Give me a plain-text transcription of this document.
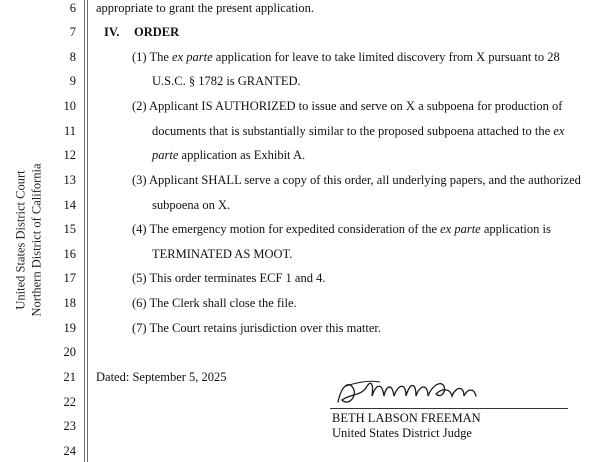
United States District Court Northern District of California
6
7
8
9
10
11
12
13
14
15
16
17
18
19
20
21
22
23
24
appropriate to grant the present application.
IV. ORDER
(1) The ex parte application for leave to take limited discovery from X pursuant to 28
U.S.C. § 1782 is GRANTED.
(2) Applicant IS AUTHORIZED to issue and serve on X a subpoena for production of
documents that is substantially similar to the proposed subpoena attached to the ex
parte application as Exhibit A.
(3) Applicant SHALL serve a copy of this order, all underlying papers, and the authorized
subpoena on X.
(4) The emergency motion for expedited consideration of the ex parte application is
TERMINATED AS MOOT.
(5) This order terminates ECF 1 and 4.
(6) The Clerk shall close the file.
(7) The Court retains jurisdiction over this matter.
Dated: September 5, 2025
BETH LABSON FREEMAN
United States District Judge
